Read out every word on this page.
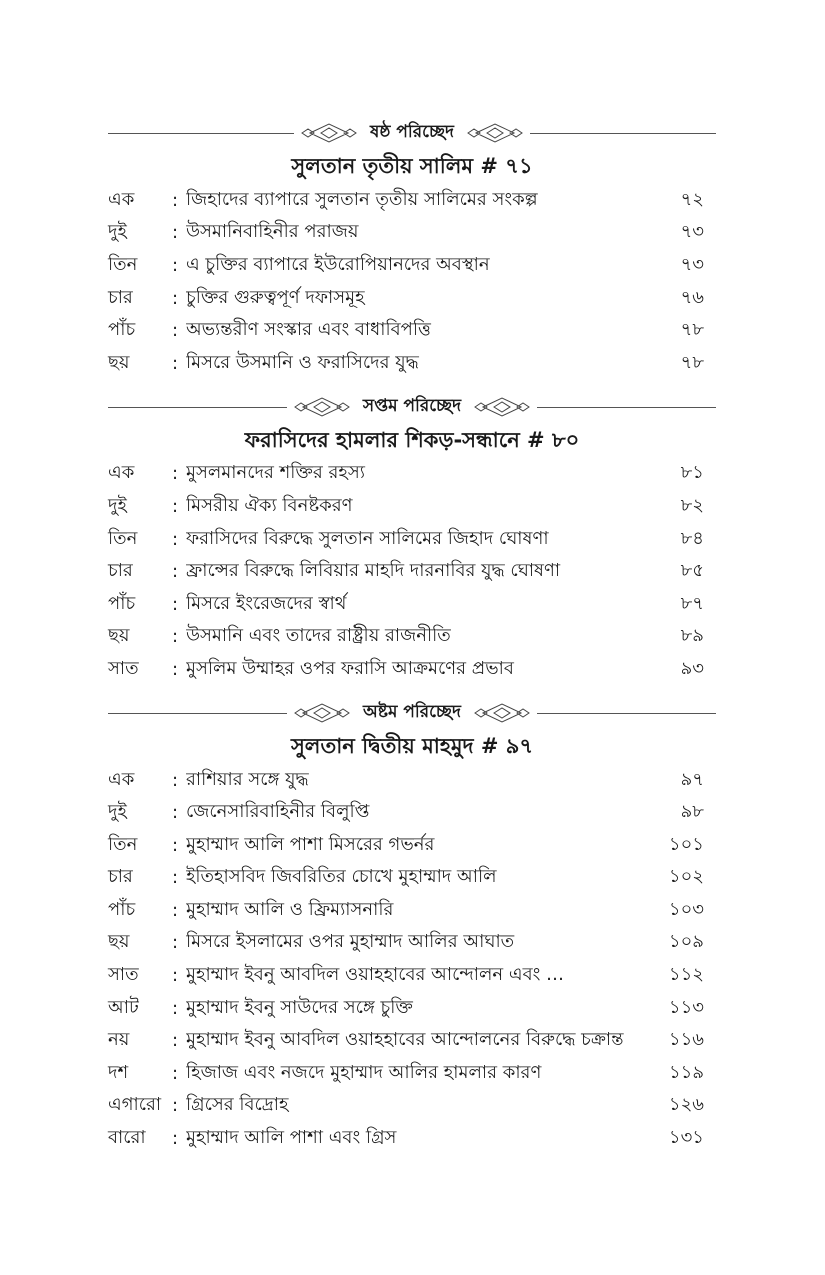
ষষ্ঠ পরিচ্ছেদ
সুলতান তৃতীয় সালিম # ৭১
এক	: জিহাদের ব্যাপারে সুলতান তৃতীয় সালিমের সংকল্প	৭২
দুই	: উসমানিবাহিনীর পরাজয়	৭৩
তিন	: এ চুক্তির ব্যাপারে ইউরোপিয়ানদের অবস্থান	৭৩
চার	: চুক্তির গুরুত্বপূর্ণ দফাসমূহ	৭৬
পাঁচ	: অভ্যন্তরীণ সংস্কার এবং বাধাবিপত্তি	৭৮
ছয়	: মিসরে উসমানি ও ফরাসিদের যুদ্ধ	৭৮
সপ্তম পরিচ্ছেদ
ফরাসিদের হামলার শিকড়-সন্ধানে # ৮০
এক	: মুসলমানদের শক্তির রহস্য	৮১
দুই	: মিসরীয় ঐক্য বিনষ্টকরণ	৮২
তিন	: ফরাসিদের বিরুদ্ধে সুলতান সালিমের জিহাদ ঘোষণা	৮৪
চার	: ফ্রান্সের বিরুদ্ধে লিবিয়ার মাহদি দারনাবির যুদ্ধ ঘোষণা	৮৫
পাঁচ	: মিসরে ইংরেজদের স্বার্থ	৮৭
ছয়	: উসমানি এবং তাদের রাষ্ট্রীয় রাজনীতি	৮৯
সাত	: মুসলিম উম্মাহর ওপর ফরাসি আক্রমণের প্রভাব	৯৩
অষ্টম পরিচ্ছেদ
সুলতান দ্বিতীয় মাহমুদ # ৯৭
এক	: রাশিয়ার সঙ্গে যুদ্ধ	৯৭
দুই	: জেনেসারিবাহিনীর বিলুপ্তি	৯৮
তিন	: মুহাম্মাদ আলি পাশা মিসরের গভর্নর	১০১
চার	: ইতিহাসবিদ জিবরিতির চোখে মুহাম্মাদ আলি	১০২
পাঁচ	: মুহাম্মাদ আলি ও ফ্রিম্যাসনারি	১০৩
ছয়	: মিসরে ইসলামের ওপর মুহাম্মাদ আলির আঘাত	১০৯
সাত	: মুহাম্মাদ ইবনু আবদিল ওয়াহহাবের আন্দোলন এবং …	১১২
আট	: মুহাম্মাদ ইবনু সাউদের সঙ্গে চুক্তি	১১৩
নয়	: মুহাম্মাদ ইবনু আবদিল ওয়াহহাবের আন্দোলনের বিরুদ্ধে চক্রান্ত	১১৬
দশ	: হিজাজ এবং নজদে মুহাম্মাদ আলির হামলার কারণ	১১৯
এগারো : গ্রিসের বিদ্রোহ	১২৬
বারো	: মুহাম্মাদ আলি পাশা এবং গ্রিস	১৩১
